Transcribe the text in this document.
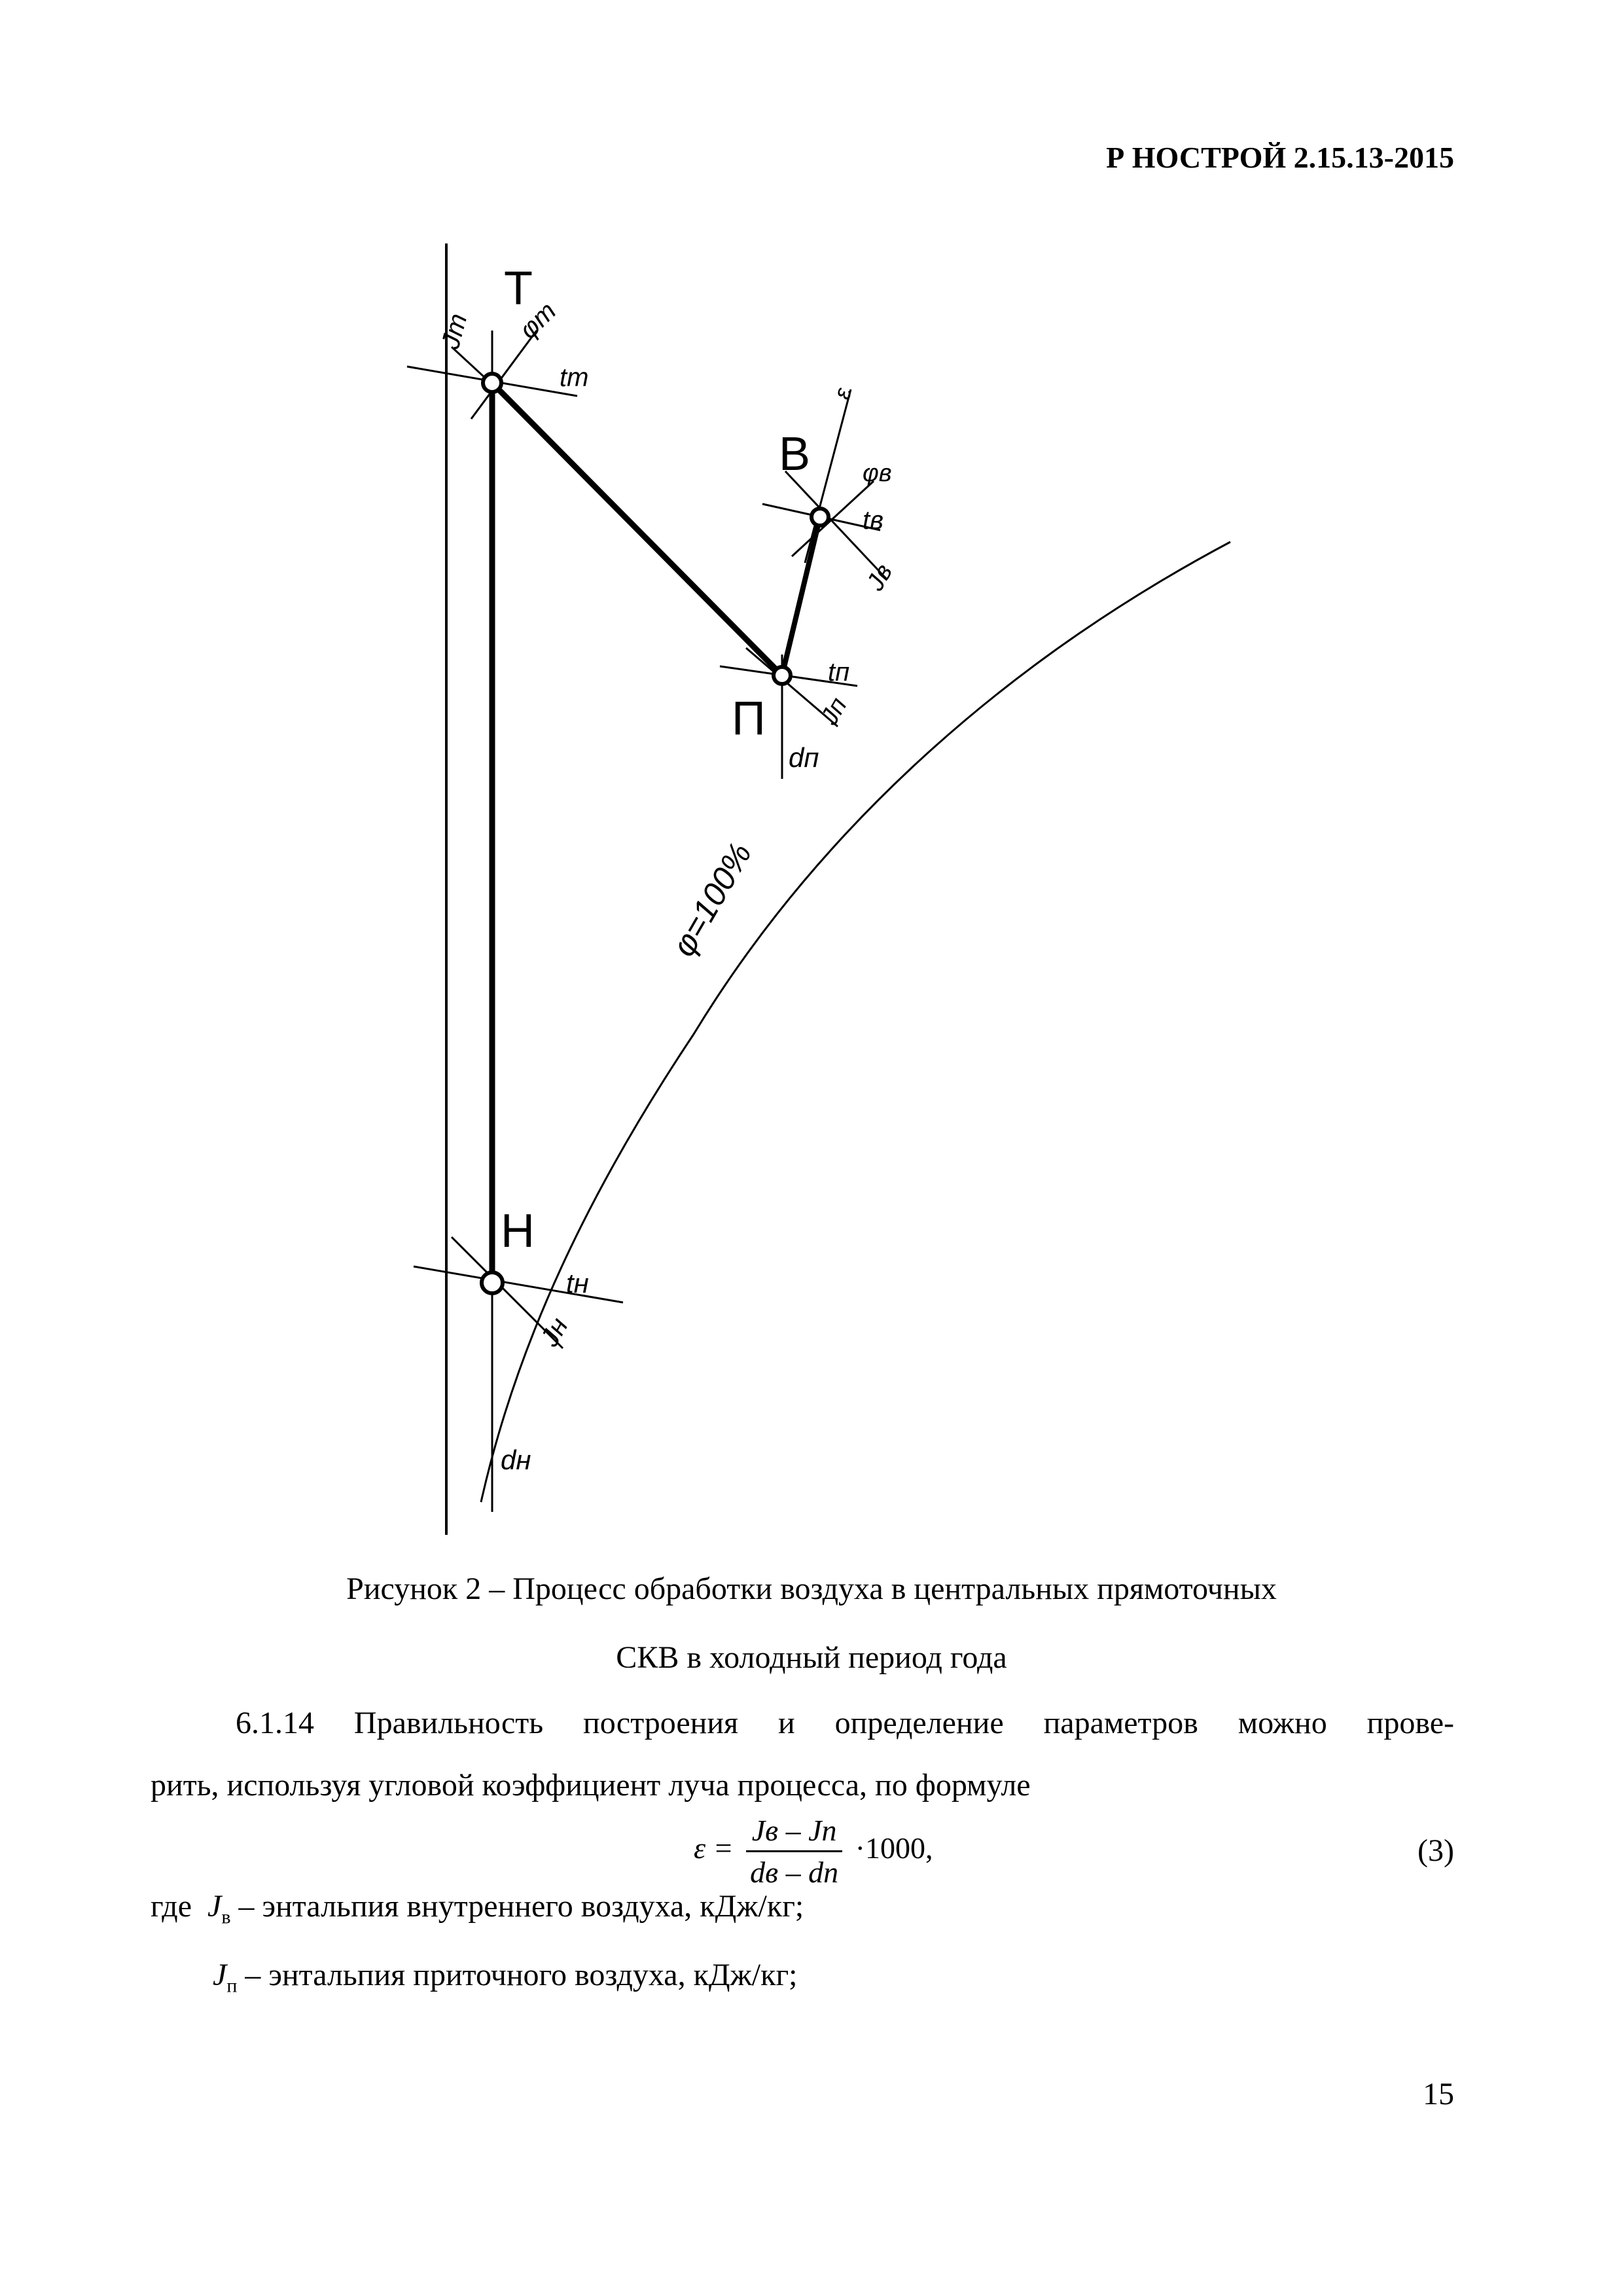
Р НОСТРОЙ 2.15.13-2015
Т
В
П
Н
Jт φт
tт
ε
φв
tв
Jв
tп
Jп
dп
tн
Jн
dн
φ=100%
Рисунок 2 – Процесс обработки воздуха в центральных прямоточных
СКВ в холодный период года
6.1.14 Правильность построения и определение параметров можно прове-
рить, используя угловой коэффициент луча процесса, по формуле
$\varepsilon = \frac{Jв - Jп}{dв - dп} \cdot 1000$,	(3)
где $J_в$ – энтальпия внутреннего воздуха, кДж/кг;
$J_п$ – энтальпия приточного воздуха, кДж/кг;
15
